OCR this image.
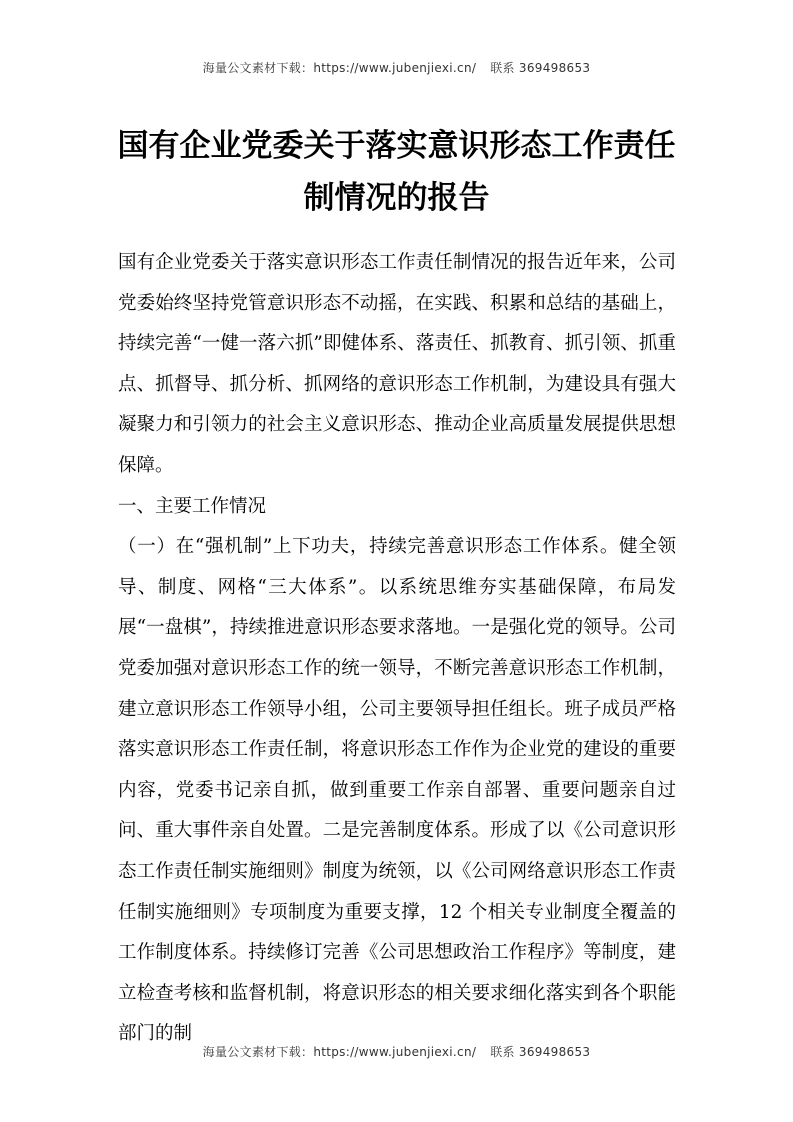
海量公文素材下载：https://www.jubenjiexi.cn/ 联系 369498653
国有企业党委关于落实意识形态工作责任
制情况的报告

国有企业党委关于落实意识形态工作责任制情况的报告近年来，公司党委始终坚持党管意识形态不动摇，在实践、积累和总结的基础上，持续完善“一健一落六抓”即健体系、落责任、抓教育、抓引领、抓重点、抓督导、抓分析、抓网络的意识形态工作机制，为建设具有强大凝聚力和引领力的社会主义意识形态、推动企业高质量发展提供思想保障。

一、主要工作情况

（一）在“强机制”上下功夫，持续完善意识形态工作体系。健全领导、制度、网格“三大体系”。以系统思维夯实基础保障，布局发展“一盘棋”，持续推进意识形态要求落地。一是强化党的领导。公司党委加强对意识形态工作的统一领导，不断完善意识形态工作机制，建立意识形态工作领导小组，公司主要领导担任组长。班子成员严格落实意识形态工作责任制，将意识形态工作作为企业党的建设的重要内容，党委书记亲自抓，做到重要工作亲自部署、重要问题亲自过问、重大事件亲自处置。二是完善制度体系。形成了以《公司意识形态工作责任制实施细则》制度为统领，以《公司网络意识形态工作责任制实施细则》专项制度为重要支撑，12 个相关专业制度全覆盖的工作制度体系。持续修订完善《公司思想政治工作程序》等制度，建立检查考核和监督机制，将意识形态的相关要求细化落实到各个职能部门的制

海量公文素材下载：https://www.jubenjiexi.cn/ 联系 369498653
